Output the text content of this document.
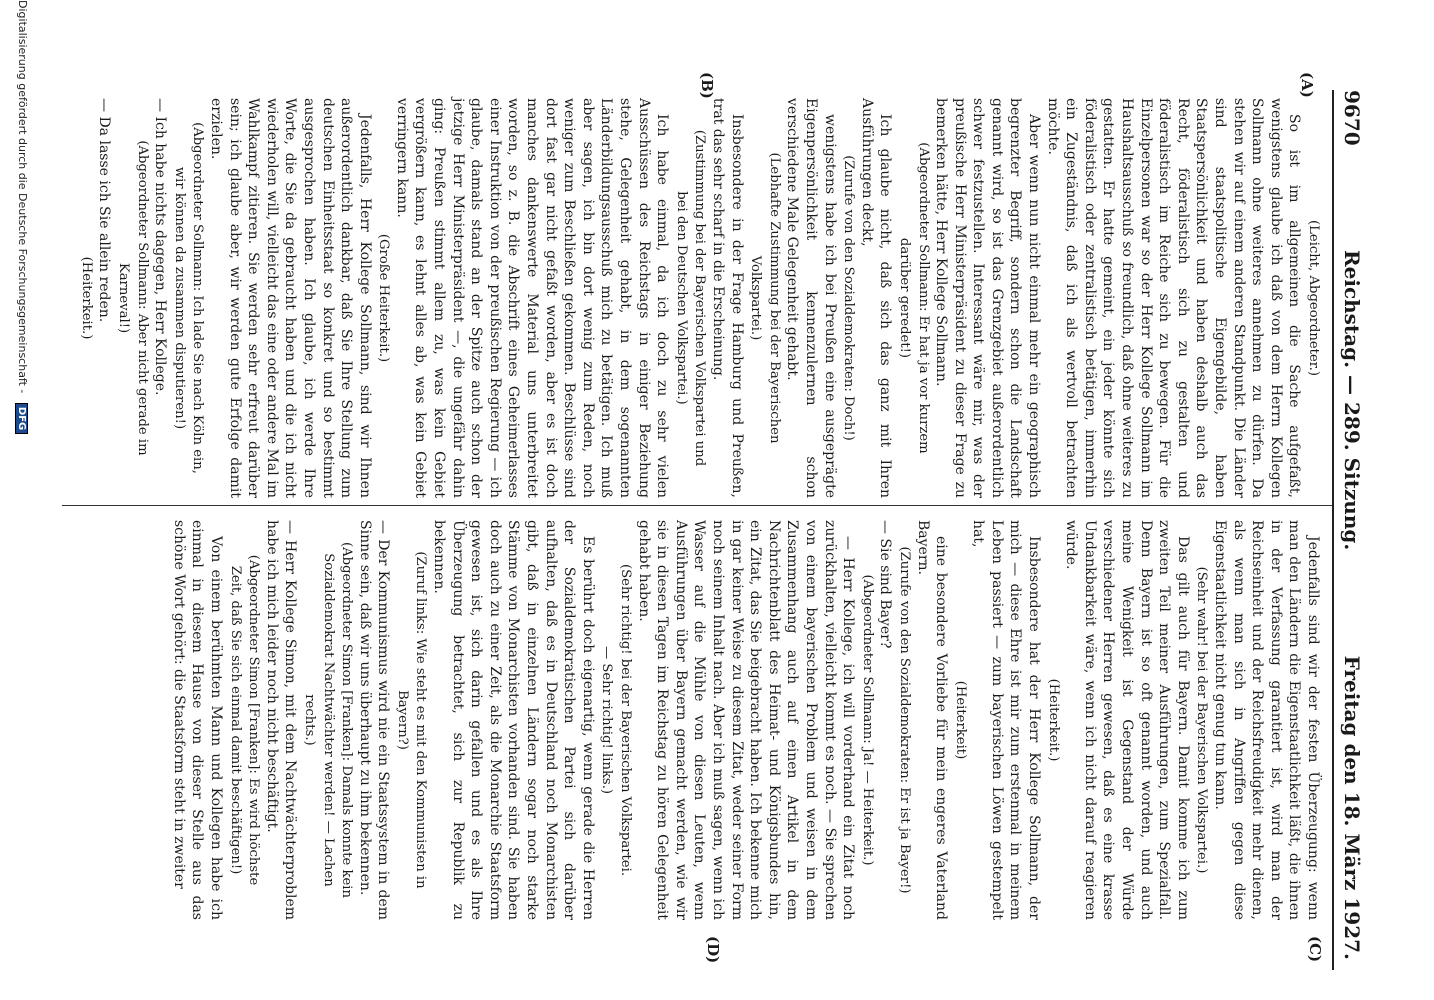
9670
Reichstag. — 289. Sitzung.
Freitag den 18. März 1927.
(A)
(B)
(C)
(D)

(Leicht, Abgeordneter.)

So ist im allgemeinen die Sache aufgefaßt, wenigstens glaube ich daß von dem Herrn Kollegen Sollmann ohne weiteres annehmen zu dürfen. Da stehen wir auf einem anderen Standpunkt. Die Länder sind staatspolitische Eigengebilde, haben Staatspersönlichkeit und haben deshalb auch das Recht, föderalistisch sich zu gestalten und föderalistisch im Reiche sich zu bewegen. Für die Einzelpersonen war so der Herr Kollege Sollmann im Haushaltsausschuß so freundlich, daß ohne weiteres zu gestatten. Er hatte gemeint, ein jeder könnte sich föderalistisch oder zentralistisch betätigen, immerhin ein Zugeständnis, daß ich als wertvoll betrachten möchte.

Aber wenn nun nicht einmal mehr ein geographisch begrenzter Begriff, sondern schon die Landschaft genannt wird, so ist das Grenzgebiet außerordentlich schwer festzustellen. Interessant wäre mir, was der preußische Herr Ministerpräsident zu dieser Frage zu bemerken hätte, Herr Kollege Sollmann.

(Abgeordneter Sollmann: Er hat ja vor kurzem darüber geredet!)

Ich glaube nicht, daß sich das ganz mit Ihren Ausführungen deckt,

(Zurufe von den Sozialdemokraten: Doch!)

wenigstens habe ich bei Preußen eine ausgeprägte Eigenpersönlichkeit kennenzulernen schon verschiedene Male Gelegenheit gehabt.

(Lebhafte Zustimmung bei der Bayerischen Volkspartei.)

Insbesondere in der Frage Hamburg und Preußen, trat das sehr scharf in die Erscheinung.

(Zustimmung bei der Bayerischen Volkspartei und bei den Deutschen Volkspartei.)

Ich habe einmal, da ich doch zu sehr vielen Ausschüssen des Reichstags in einiger Beziehung stehe, Gelegenheit gehabt, in dem sogenannten Länderbildungsausschuß mich zu betätigen. Ich muß aber sagen, ich bin dort wenig zum Reden, noch weniger zum Beschließen gekommen. Beschlüsse sind dort fast gar nicht gefaßt worden, aber es ist doch manches dankenswerte Material uns unterbreitet worden, so z. B. die Abschrift eines Geheimerlasses einer Instruktion von der preußischen Regierung — ich glaube, damals stand an der Spitze auch schon der jetzige Herr Ministerpräsident —, die ungefähr dahin ging: Preußen stimmt allem zu, was kein Gebiet vergrößern kann, es lehnt alles ab, was kein Gebiet verringern kann.

(Große Heiterkeit.)

Jedenfalls, Herr Kollege Sollmann, sind wir Ihnen außerordentlich dankbar, daß Sie Ihre Stellung zum deutschen Einheitsstaat so konkret und so bestimmt ausgesprochen haben. Ich glaube, ich werde Ihre Worte, die Sie da gebraucht haben und die ich nicht wiederholen will, vielleicht das eine oder andere Mal im Wahlkampf zitieren. Sie werden sehr erfreut darüber sein; ich glaube aber, wir werden gute Erfolge damit erzielen.

(Abgeordneter Sollmann: Ich lade Sie nach Köln ein, wir können da zusammen disputieren!)

— Ich habe nichts dagegen, Herr Kollege.

(Abgeordneter Sollmann: Aber nicht gerade im Karneval!)

— Da lasse ich Sie allein reden.

(Heiterkeit.)

Jedenfalls sind wir der festen Überzeugung: wenn man den Ländern die Eigenstaatlichkeit läßt, die ihnen in der Verfassung garantiert ist, wird man der Reichseinheit und der Reichsfreudigkeit mehr dienen, als wenn man sich in Angriffen gegen diese Eigenstaatlichkeit nicht genug tun kann.

(Sehr wahr! bei der Bayerischen Volkspartei.)

Das gilt auch für Bayern. Damit komme ich zum zweiten Teil meiner Ausführungen, zum Spezialfall. Denn Bayern ist so oft genannt worden, und auch meine Wenigkeit ist Gegenstand der Würde verschiedener Herren gewesen, daß es eine krasse Undankbarkeit wäre, wenn ich nicht darauf reagieren würde.

(Heiterkeit.)

Insbesondere hat der Herr Kollege Sollmann, der mich — diese Ehre ist mir zum erstenmal in meinem Leben passiert — zum bayerischen Löwen gestempelt hat,

(Heiterkeit)

eine besondere Vorliebe für mein engeres Vaterland Bayern.

(Zurufe von den Sozialdemokraten: Er ist ja Bayer!)

— Sie sind Bayer?

(Abgeordneter Sollmann: Ja! — Heiterkeit.)

— Herr Kollege, ich will vorderhand ein Zitat noch zurückhalten, vielleicht kommt es noch. — Sie sprechen von einem bayerischen Problem und weisen in dem Zusammenhang auch auf einen Artikel in dem Nachrichtenblatt des Heimat- und Königsbundes hin, ein Zitat, das Sie beigebracht haben. Ich bekenne mich in gar keiner Weise zu diesem Zitat, weder seiner Form noch seinem Inhalt nach. Aber ich muß sagen, wenn ich Wasser auf die Mühle von diesen Leuten, wenn Ausführungen über Bayern gemacht werden, wie wir sie in diesen Tagen im Reichstag zu hören Gelegenheit gehabt haben.

(Sehr richtig! bei der Bayerischen Volkspartei.

— Sehr richtig! links.)

Es berührt doch eigenartig, wenn gerade die Herren der Sozialdemokratischen Partei sich darüber aufhalten, daß es in Deutschland noch Monarchisten gibt, daß in einzelnen Ländern sogar noch starke Stämme von Monarchisten vorhanden sind. Sie haben doch auch zu einer Zeit, als die Monarchie Staatsform gewesen ist, sich darin gefallen und es als Ihre Überzeugung betrachtet, sich zur Republik zu bekennen.

(Zuruf links: Wie steht es mit den Kommunisten in Bayern?)

— Der Kommunismus wird nie ein Staatssystem in dem Sinne sein, daß wir uns überhaupt zu ihm bekennen.

(Abgeordneter Simon [Franken]: Damals konnte kein Sozialdemokrat Nachtwächter werden! — Lachen rechts.)

— Herr Kollege Simon, mit dem Nachtwächterproblem habe ich mich leider noch nicht beschäftigt.

(Abgeordneter Simon [Franken]: Es wird höchste Zeit, daß Sie sich einmal damit beschäftigen!)

Von einem berühmten Mann und Kollegen habe ich einmal in diesem Hause von dieser Stelle aus das schöne Wort gehört: die Staatsform steht in zweiter

Digitalisierung gefördert durch die Deutsche Forschungsgemeinschaft - DFG
